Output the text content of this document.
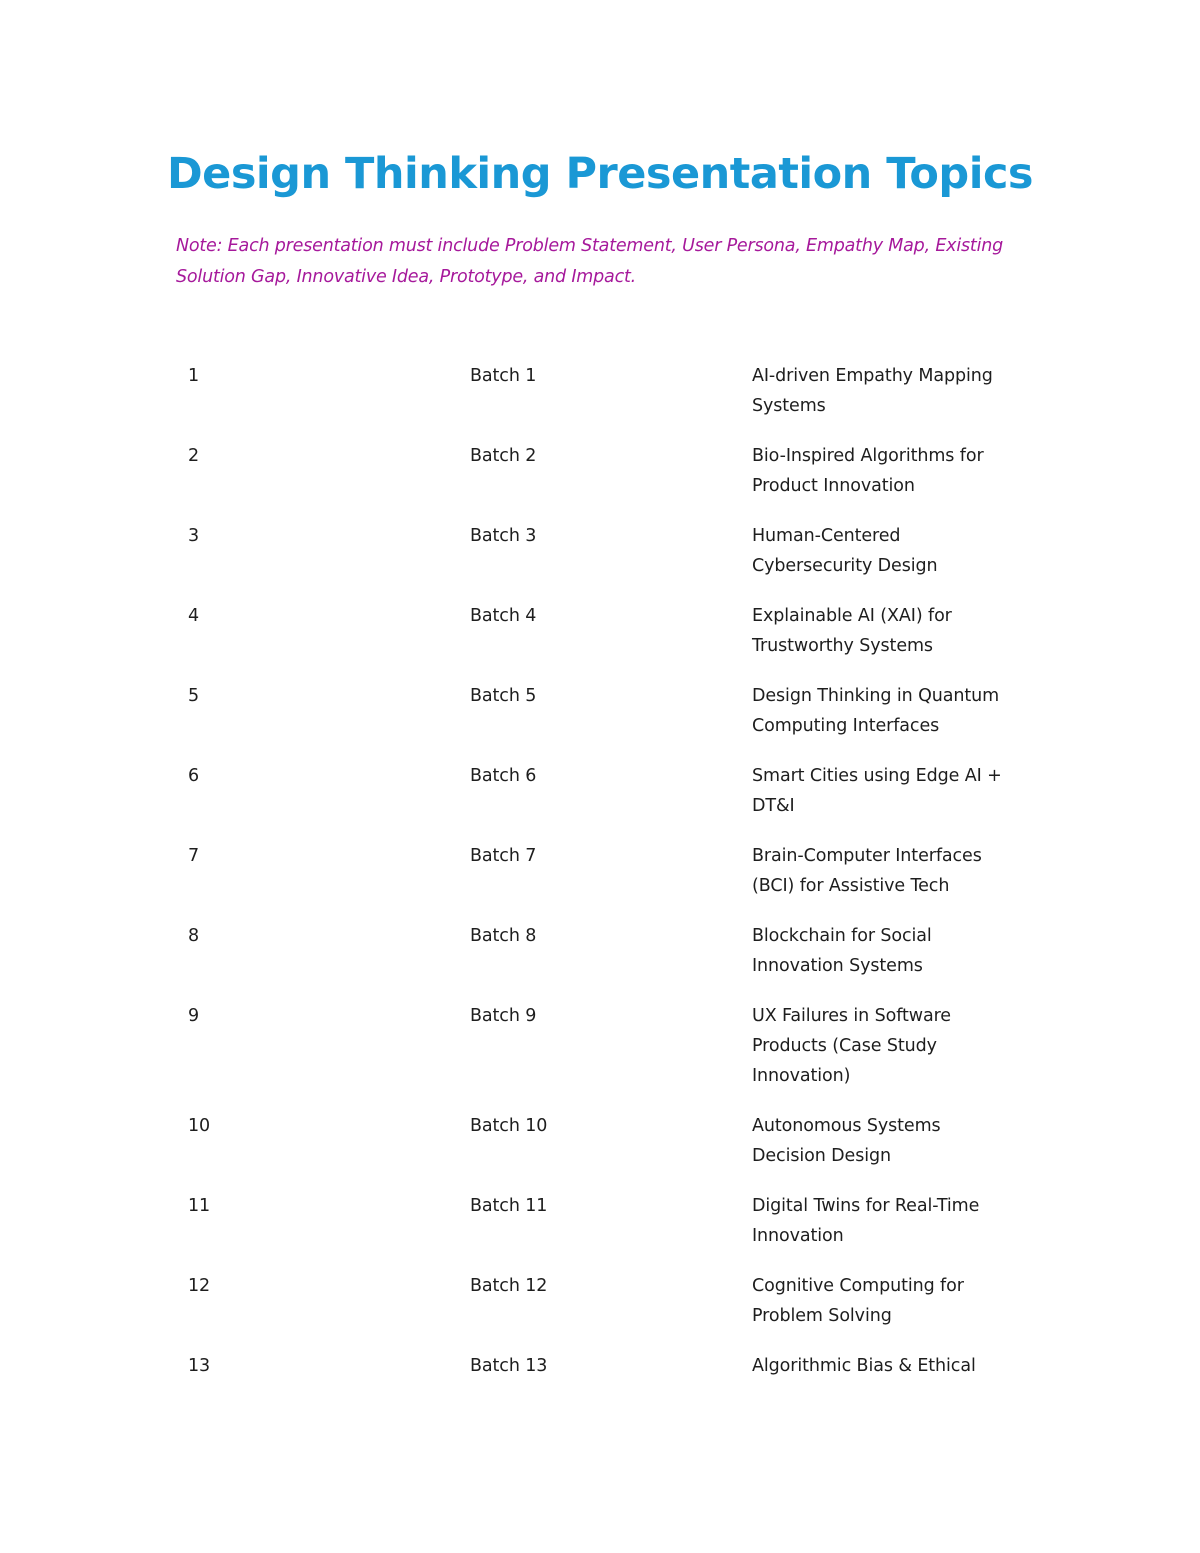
Design Thinking Presentation Topics
Note: Each presentation must include Problem Statement, User Persona, Empathy Map, Existing Solution Gap, Innovative Idea, Prototype, and Impact.
1	Batch 1	AI-driven Empathy Mapping Systems
2	Batch 2	Bio-Inspired Algorithms for Product Innovation
3	Batch 3	Human-Centered Cybersecurity Design
4	Batch 4	Explainable AI (XAI) for Trustworthy Systems
5	Batch 5	Design Thinking in Quantum Computing Interfaces
6	Batch 6	Smart Cities using Edge AI + DT&I
7	Batch 7	Brain-Computer Interfaces (BCI) for Assistive Tech
8	Batch 8	Blockchain for Social Innovation Systems
9	Batch 9	UX Failures in Software Products (Case Study Innovation)
10	Batch 10	Autonomous Systems Decision Design
11	Batch 11	Digital Twins for Real-Time Innovation
12	Batch 12	Cognitive Computing for Problem Solving
13	Batch 13	Algorithmic Bias & Ethical
